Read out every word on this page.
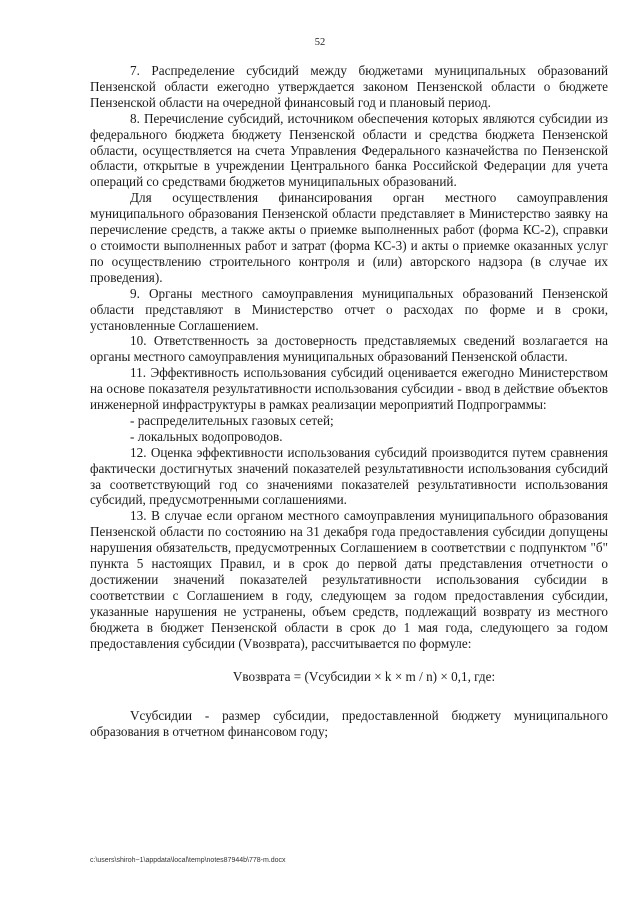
52

7. Распределение субсидий между бюджетами муниципальных образований Пензенской области ежегодно утверждается законом Пензенской области о бюджете Пензенской области на очередной финансовый год и плановый период.

8. Перечисление субсидий, источником обеспечения которых являются субсидии из федерального бюджета бюджету Пензенской области и средства бюджета Пензенской области, осуществляется на счета Управления Федерального казначейства по Пензенской области, открытые в учреждении Центрального банка Российской Федерации для учета операций со средствами бюджетов муниципальных образований.

Для осуществления финансирования орган местного самоуправления муниципального образования Пензенской области представляет в Министерство заявку на перечисление средств, а также акты о приемке выполненных работ (форма КС-2), справки о стоимости выполненных работ и затрат (форма КС-3) и акты о приемке оказанных услуг по осуществлению строительного контроля и (или) авторского надзора (в случае их проведения).

9. Органы местного самоуправления муниципальных образований Пензенской области представляют в Министерство отчет о расходах по форме и в сроки, установленные Соглашением.

10. Ответственность за достоверность представляемых сведений возлагается на органы местного самоуправления муниципальных образований Пензенской области.

11. Эффективность использования субсидий оценивается ежегодно Министерством на основе показателя результативности использования субсидии - ввод в действие объектов инженерной инфраструктуры в рамках реализации мероприятий Подпрограммы:

- распределительных газовых сетей;

- локальных водопроводов.

12. Оценка эффективности использования субсидий производится путем сравнения фактически достигнутых значений показателей результативности использования субсидий за соответствующий год со значениями показателей результативности использования субсидий, предусмотренными соглашениями.

13. В случае если органом местного самоуправления муниципального образования Пензенской области по состоянию на 31 декабря года предоставления субсидии допущены нарушения обязательств, предусмотренных Соглашением в соответствии с подпунктом "б" пункта 5 настоящих Правил, и в срок до первой даты представления отчетности о достижении значений показателей результативности использования субсидии в соответствии с Соглашением в году, следующем за годом предоставления субсидии, указанные нарушения не устранены, объем средств, подлежащий возврату из местного бюджета в бюджет Пензенской области в срок до 1 мая года, следующего за годом предоставления субсидии (Vвозврата), рассчитывается по формуле:

Vвозврата = (Vсубсидии × k × m / n) × 0,1, где:

Vсубсидии - размер субсидии, предоставленной бюджету муниципального образования в отчетном финансовом году;

c:\users\shiroh~1\appdata\local\temp\notes87944b\778-m.docx
